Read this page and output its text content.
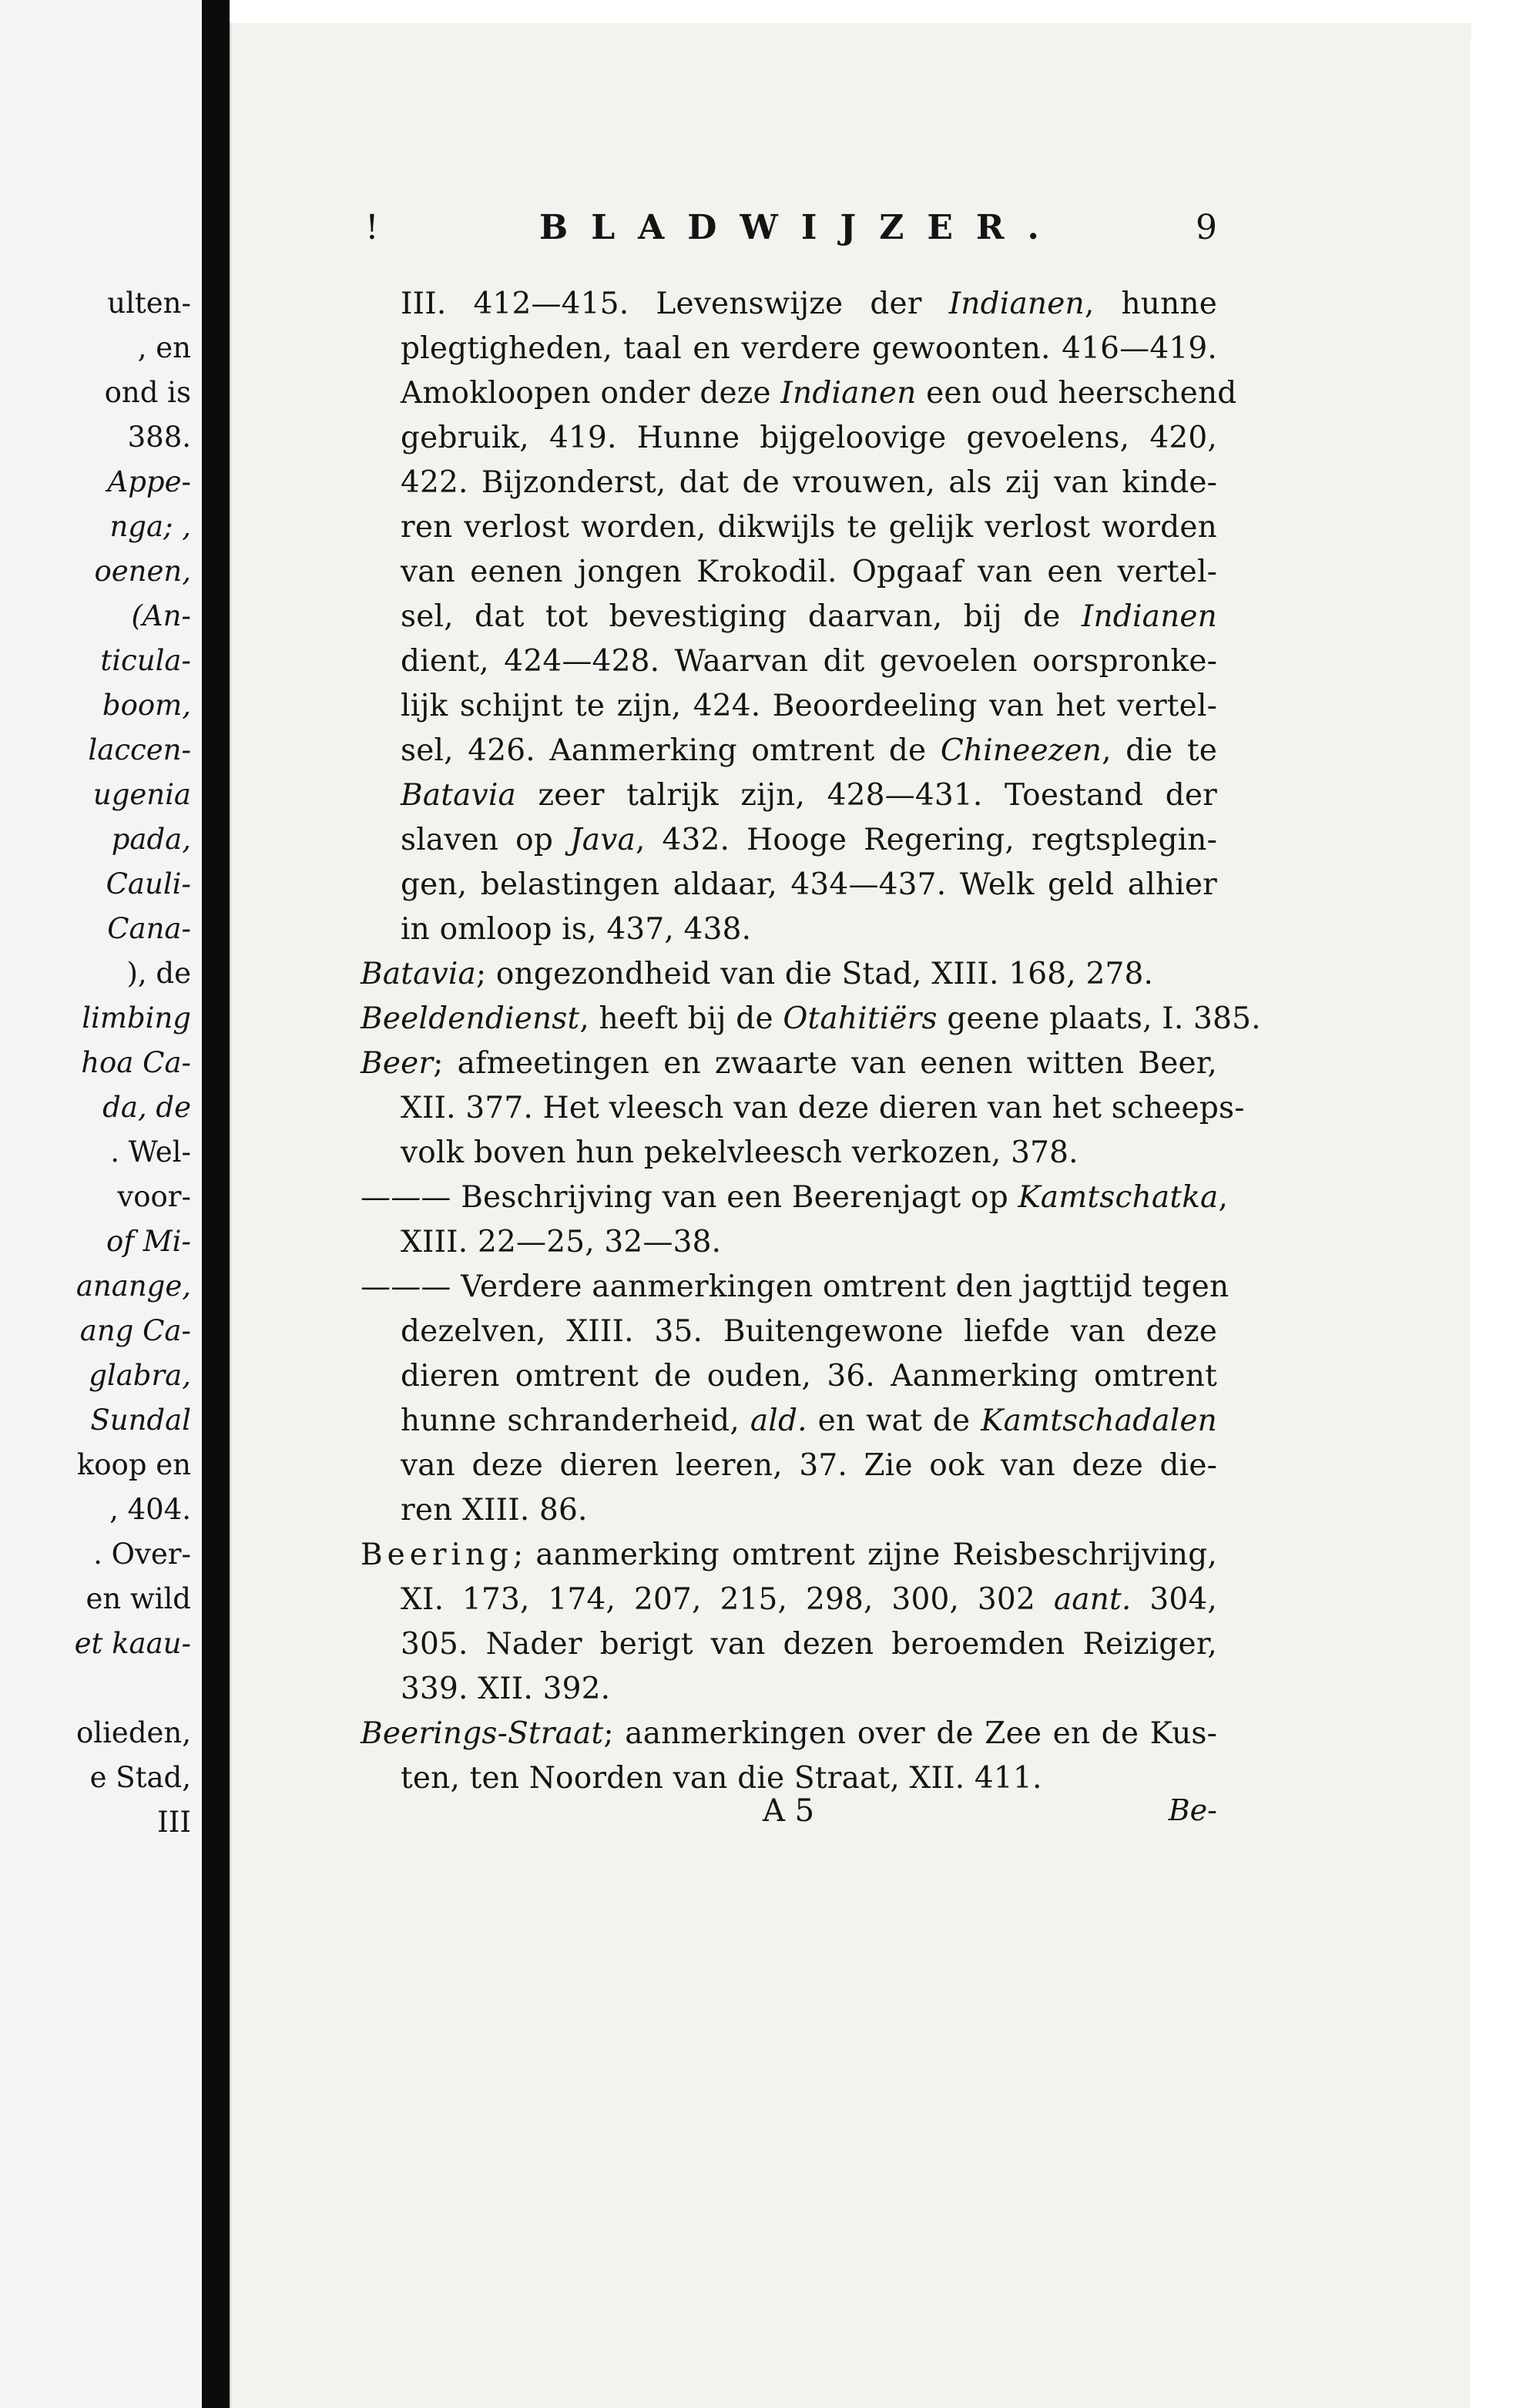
ulten-
, en
ond is
388.
Appe-
nga; ,
oenen,
(An-
ticula-
boom,
laccen-
ugenia
pada,
Cauli-
Cana-
), de
limbing
hoa Ca-
da, de
. Wel-
voor-
of Mi-
anange,
ang Ca-
glabra,
Sundal
koop en
, 404.
. Over-
en wild
et kaau-
olieden,
e Stad,
III
!	BLADWIJZER.	9
III. 412—415. Levenswijze der Indianen, hunne
plegtigheden, taal en verdere gewoonten. 416—419.
Amokloopen onder deze Indianen een oud heerschend
gebruik, 419. Hunne bijgeloovige gevoelens, 420,
422. Bijzonderst, dat de vrouwen, als zij van kinde-
ren verlost worden, dikwijls te gelijk verlost worden
van eenen jongen Krokodil. Opgaaf van een vertel-
sel, dat tot bevestiging daarvan, bij de Indianen
dient, 424—428. Waarvan dit gevoelen oorspronke-
lijk schijnt te zijn, 424. Beoordeeling van het vertel-
sel, 426. Aanmerking omtrent de Chineezen, die te
Batavia zeer talrijk zijn, 428—431. Toestand der
slaven op Java, 432. Hooge Regering, regtsplegin-
gen, belastingen aldaar, 434—437. Welk geld alhier
in omloop is, 437, 438.
Batavia; ongezondheid van die Stad, XIII. 168, 278.
Beeldendienst, heeft bij de Otahitiërs geene plaats, I. 385.
Beer; afmeetingen en zwaarte van eenen witten Beer,
XII. 377. Het vleesch van deze dieren van het scheeps-
volk boven hun pekelvleesch verkozen, 378.
——— Beschrijving van een Beerenjagt op Kamtschatka,
XIII. 22—25, 32—38.
——— Verdere aanmerkingen omtrent den jagttijd tegen
dezelven, XIII. 35. Buitengewone liefde van deze
dieren omtrent de ouden, 36. Aanmerking omtrent
hunne schranderheid, ald. en wat de Kamtschadalen
van deze dieren leeren, 37. Zie ook van deze die-
ren XIII. 86.
Beering; aanmerking omtrent zijne Reisbeschrijving,
XI. 173, 174, 207, 215, 298, 300, 302 aant. 304,
305. Nader berigt van dezen beroemden Reiziger,
339. XII. 392.
Beerings-Straat; aanmerkingen over de Zee en de Kus-
ten, ten Noorden van die Straat, XII. 411.
A 5	Be-
